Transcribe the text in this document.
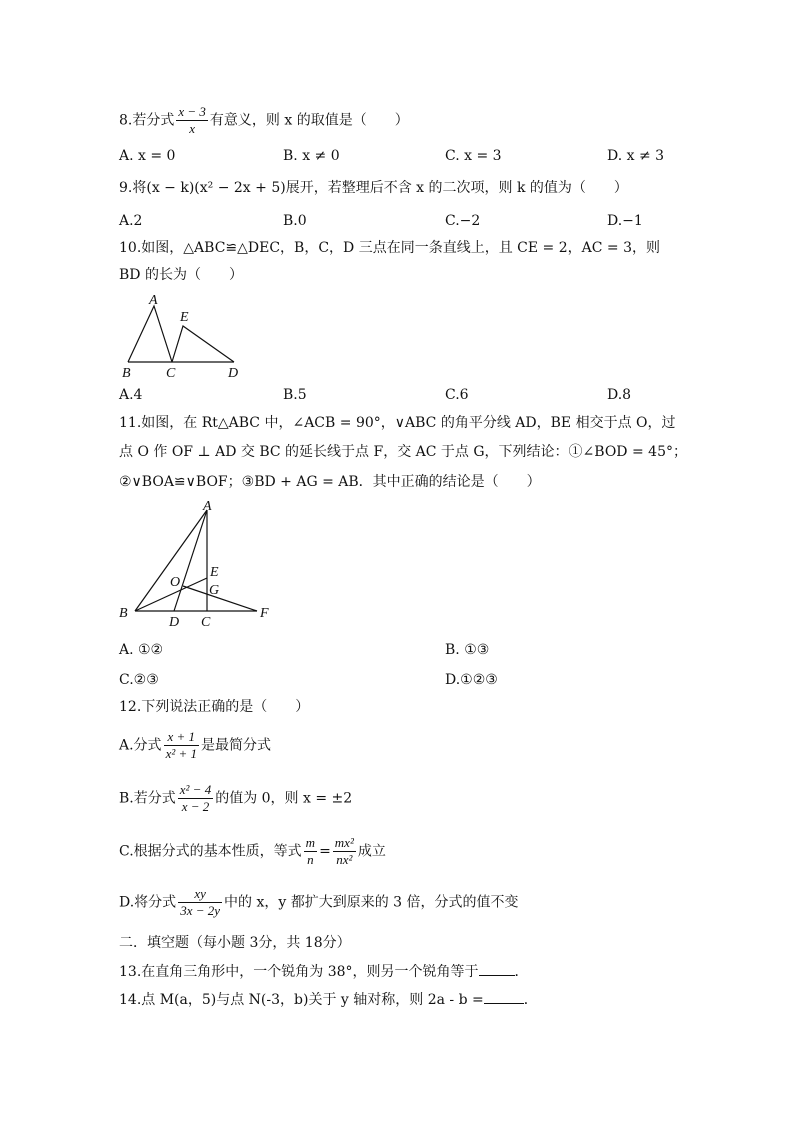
8.若分式 $\frac{x - 3}{x}$ 有意义，则 x 的取值是（　　）
A. x = 0	B. x ≠ 0	C. x = 3	D. x ≠ 3
9.将(x − k)(x² − 2x + 5)展开，若整理后不含 x 的二次项，则 k 的值为（　　）
A.2	B.0	C.−2	D.−1
10.如图，△ABC≌△DEC，B，C，D 三点在同一条直线上，且 CE = 2，AC = 3，则
BD 的长为（　　）
A
E
B	C	D
A.4	B.5	C.6	D.8
11.如图，在 Rt△ABC 中，∠ACB = 90°，∨ABC 的角平分线 AD，BE 相交于点 O，过
点 O 作 OF ⊥ AD 交 BC 的延长线于点 F，交 AC 于点 G，下列结论：①∠BOD = 45°；
②∨BOA≌∨BOF；③BD + AG = AB．其中正确的结论是（　　）
A
E
O
G
B
D C
F
A. ①②	B. ①③
C.②③	D.①②③
12.下列说法正确的是（　　）
A.分式 $\frac{x + 1}{\text{x² + 1}}$ 是最简分式
B.若分式 $\frac{\text{x² − 4}}{x - 2}$ 的值为 0，则 x = ±2
C.根据分式的基本性质，等式 $\frac{m}{n} = \frac{\text{mx²}}{\text{nx²}}$ 成立
D.将分式 $\frac{xy}{3x - 2y}$ 中的 x，y 都扩大到原来的 3 倍，分式的值不变
二．填空题（每小题 3分，共 18分）
13.在直角三角形中，一个锐角为 38°，则另一个锐角等于	．
14.点 M(a，5)与点 N(-3，b)关于 y 轴对称，则 2a - b =	．
